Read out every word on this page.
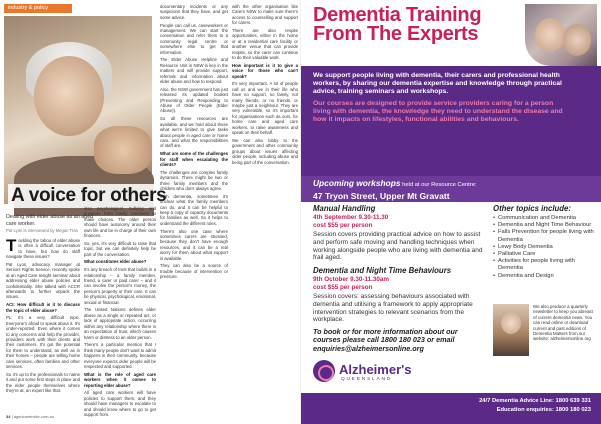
industry & policy
A voice for others
Dealing with elder abuse as an aged care worker.
Pat Lyon is interviewed by Megan Tran

Tackling the taboo of elder abuse is often a difficult conversation to have, but how do staff navigate these issues?

Pat Lyon, advocacy manager at Seniors Rights Service, recently spoke at an Aged Care Insight seminar about addressing elder abuse policies and confidentiality. She talked with ACCR afterwards to further unpack the issues.

ACI: How difficult is it to discuss the topic of elder abuse?

PL: It's a very difficult topic. Everyone's afraid to speak about it. It's under-reported. Even where it comes to any concerns and help the provider, providers work with their clients and their customers. It's got the potential for them to understand, as well as in their homes – people are telling home care services, often families and other services.

So it's up to the professionals to name it and put some first steps in place and the elder people themselves where they're at, an expert like that.

also psychological, bullying and pressure from family members to make choices. The older person should have autonomy around their own life and be in charge of their own finances.

So, yes, it's very difficult to raise that topic, but we can definitely help be part of the conversation.

What constitutes elder abuse?

It's any breach of trust that builds in a relationship – a family member, friend, a carer or paid carer – and it can involve the person's money, the person's property or their care. It can be physical, psychological, emotional, sexual or financial.

The United Nations defines elder abuse as a single or repeated act, or lack of appropriate action, occurring within any relationship where there is an expectation of trust, which causes harm or distress to an older person.

There's a particular mention that I think many people don't want to admit happens in their community, because everyone expects older people will be respected and supported.

What is the role of aged care workers when it comes to reporting elder abuse?

All aged care workers will have policies to support them, and they should have managers to escalate to and should know where to go to get support from.

documentary incidents or any suspicions that they have, and get some advice.

People can call us, caseworkers or management. We can start the conversation and refer them to a community legal centre or somewhere else to get that information.

The Elder Abuse Helpline and Resource Unit in NSW is key in the matters and will provide support, referrals and information about elder abuse and how to respond.

Also, the NSW government has just released its updated booklet (Preventing and Responding to Abuse of Older People (Elder Abuse)).

So all these resources are available, and we hold about those what we're limited to give tasks about people in aged care or home care, and what the responsibilities of staff are.

What are some of the challenges for staff when escalating the clients?

The challenges are complex family dynamics. There might be two or three family members and the children who don't always agree.

With dementia, sometimes it's unclear what the family members can do, and it can be helpful to keep a copy of capacity documents for families as well. So it helps to understand the different roles.

There's also one case where sometimes carers are stressed, because they don't have enough resources, and it can be a real worry for them about what support is available.

They can also be a source of trouble because of intervention or pressure.

with the other organisation like Carers NSW to make sure there's access to counselling and support for carers.

There are also respite opportunities, either in the home or at a residential care facility or another venue that can provide respite, so the carer can continue to do their valuable work.

How important is it to give a voice for those who can't speak?

It's very important. A lot of people call us and we in their life who have no support, no family, not many friends, or no friends, or maybe just a neighbour. They are very vulnerable, so it's important for organisations such as ours, for home care and aged care workers, to raise awareness and speak on their behalf.

We can also lobby to the government and other community groups about issues affecting older people, including abuse and being part of the conversation.

34 | agedcareinsite.com.au
Dementia Training From The Experts
We support people living with dementia, their carers and professional health workers, by sharing our dementia expertise and knowledge through practical advice, training seminars and workshops.
Our courses are designed to provide service providers caring for a person living with dementia, the knowledge they need to understand the disease and how it impacts on lifestyles, functional abilities and behaviours.
Upcoming workshops held at our Resource Centre:
47 Tryon Street, Upper Mt Gravatt
Manual Handling
4th September 9.30-11.30
cost $55 per person
Session covers providing practical advice on how to assist and perform safe moving and handling techniques when working alongside people who are living with dementia and frail aged.
Dementia and Night Time Behaviours
9th October 9.30-11.30am
cost $55 per person
Session covers: assessing behaviours associated with dementia and utilising a framework to apply appropriate intervention strategies to relevant scenarios from the workplace.
To book or for more information about our courses please call 1800 180 023 or email enquiries@alzheimersonline.org
Other topics include:
• Communication and Dementia
• Dementia and Night Time Behaviour
• Falls Prevention for people living with Dementia
• Lewy Body Dementia
• Palliative Care
• Activities for people living with Dementia
• Dementia and Design
We also produce a quarterly newsletter to keep you abreast of current dementia news. You can read online or download current and past editions of Dementia Matters from our website: alzheimersonline.org
Alzheimer's
QUEENSLAND
24/7 Dementia Advice Line: 1800 639 331
Education enquiries: 1800 180 023
